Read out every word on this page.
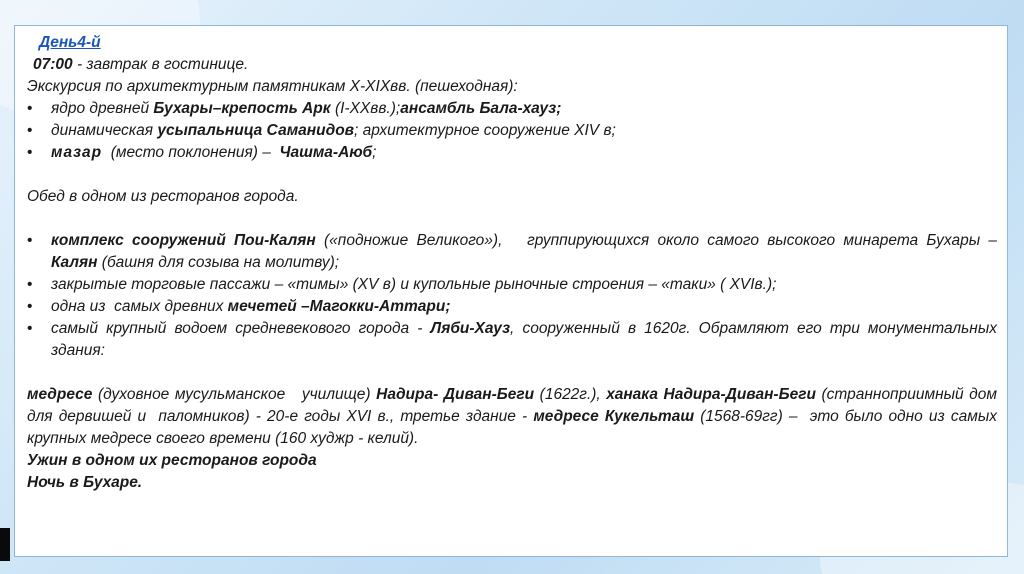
День4-й

07:00 - завтрак в гостинице.

Экскурсия по архитектурным памятникам X-XIXвв. (пешеходная):

•	ядро древней Бухары–крепость Арк (I-XXвв.);ансамбль Бала-хауз;
•	динамическая усыпальница Саманидов; архитектурное сооружение XIV в;
•	мазар  (место поклонения) –  Чашма-Аюб;

Обед в одном из ресторанов города.

•	комплекс сооружений Пои-Калян («подножие Великого»),   группирующихся около самого высокого минарета Бухары –  Калян (башня для созыва на молитву);
•	закрытые торговые пассажи – «тимы» (XV в) и купольные рыночные строения – «таки» ( XVIв.);
•	одна из  самых древних мечетей –Магокки-Аттари;
•	самый крупный водоем средневекового города - Ляби-Хауз, сооруженный в 1620г. Обрамляют его три монументальных здания:

медресе (духовное мусульманское   училище) Надира- Диван-Беги (1622г.), ханака Надира-Диван-Беги (странноприимный дом для дервишей и  паломников) - 20-е годы XVI в., третье здание - медресе Кукельташ (1568-69гг) –  это было одно из самых  крупных медресе своего времени (160 худжр - келий).

Ужин в одном их ресторанов города

Ночь в Бухаре.
